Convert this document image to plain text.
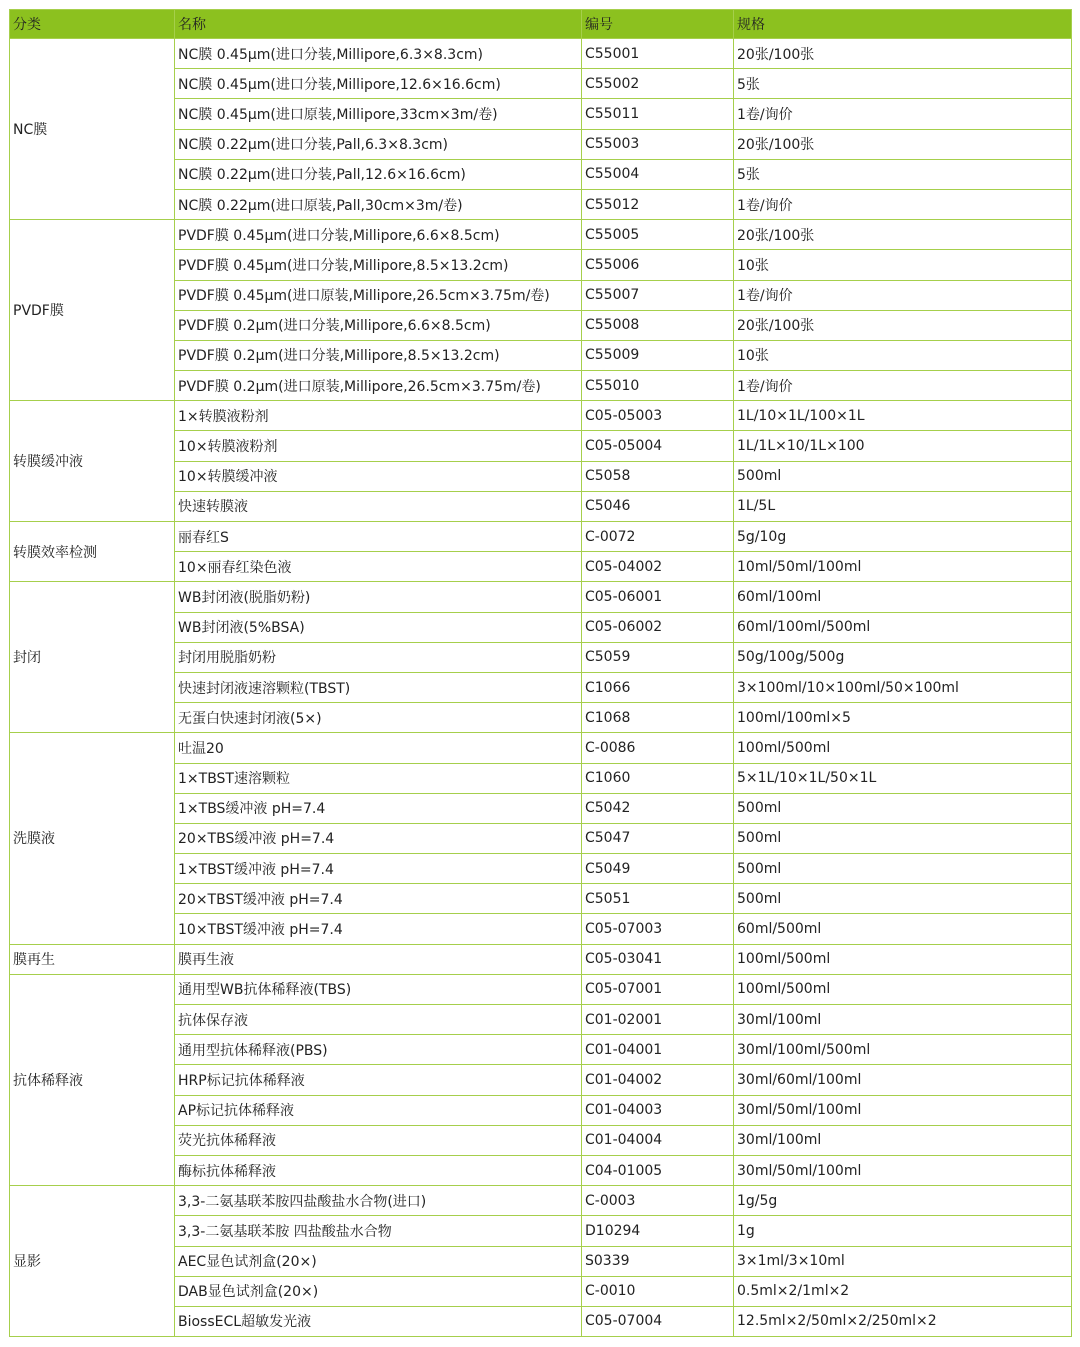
分类	名称	编号	规格
NC膜	NC膜 0.45μm(进口分装,Millipore,6.3×8.3cm)	C55001	20张/100张
	NC膜 0.45μm(进口分装,Millipore,12.6×16.6cm)	C55002	5张
	NC膜 0.45μm(进口原装,Millipore,33cm×3m/卷)	C55011	1卷/询价
	NC膜 0.22μm(进口分装,Pall,6.3×8.3cm)	C55003	20张/100张
	NC膜 0.22μm(进口分装,Pall,12.6×16.6cm)	C55004	5张
	NC膜 0.22μm(进口原装,Pall,30cm×3m/卷)	C55012	1卷/询价
PVDF膜	PVDF膜 0.45μm(进口分装,Millipore,6.6×8.5cm)	C55005	20张/100张
	PVDF膜 0.45μm(进口分装,Millipore,8.5×13.2cm)	C55006	10张
	PVDF膜 0.45μm(进口原装,Millipore,26.5cm×3.75m/卷)	C55007	1卷/询价
	PVDF膜 0.2μm(进口分装,Millipore,6.6×8.5cm)	C55008	20张/100张
	PVDF膜 0.2μm(进口分装,Millipore,8.5×13.2cm)	C55009	10张
	PVDF膜 0.2μm(进口原装,Millipore,26.5cm×3.75m/卷)	C55010	1卷/询价
转膜缓冲液	1×转膜液粉剂	C05-05003	1L/10×1L/100×1L
	10×转膜液粉剂	C05-05004	1L/1L×10/1L×100
	10×转膜缓冲液	C5058	500ml
	快速转膜液	C5046	1L/5L
转膜效率检测	丽春红S	C-0072	5g/10g
	10×丽春红染色液	C05-04002	10ml/50ml/100ml
封闭	WB封闭液(脱脂奶粉)	C05-06001	60ml/100ml
	WB封闭液(5%BSA)	C05-06002	60ml/100ml/500ml
	封闭用脱脂奶粉	C5059	50g/100g/500g
	快速封闭液速溶颗粒(TBST)	C1066	3×100ml/10×100ml/50×100ml
	无蛋白快速封闭液(5×)	C1068	100ml/100ml×5
洗膜液	吐温20	C-0086	100ml/500ml
	1×TBST速溶颗粒	C1060	5×1L/10×1L/50×1L
	1×TBS缓冲液 pH=7.4	C5042	500ml
	20×TBS缓冲液 pH=7.4	C5047	500ml
	1×TBST缓冲液 pH=7.4	C5049	500ml
	20×TBST缓冲液 pH=7.4	C5051	500ml
	10×TBST缓冲液 pH=7.4	C05-07003	60ml/500ml
膜再生	膜再生液	C05-03041	100ml/500ml
抗体稀释液	通用型WB抗体稀释液(TBS)	C05-07001	100ml/500ml
	抗体保存液	C01-02001	30ml/100ml
	通用型抗体稀释液(PBS)	C01-04001	30ml/100ml/500ml
	HRP标记抗体稀释液	C01-04002	30ml/60ml/100ml
	AP标记抗体稀释液	C01-04003	30ml/50ml/100ml
	荧光抗体稀释液	C01-04004	30ml/100ml
	酶标抗体稀释液	C04-01005	30ml/50ml/100ml
显影	3,3-二氨基联苯胺四盐酸盐水合物(进口)	C-0003	1g/5g
	3,3-二氨基联苯胺 四盐酸盐水合物	D10294	1g
	AEC显色试剂盒(20×)	S0339	3×1ml/3×10ml
	DAB显色试剂盒(20×)	C-0010	0.5ml×2/1ml×2
	BiossECL超敏发光液	C05-07004	12.5ml×2/50ml×2/250ml×2
